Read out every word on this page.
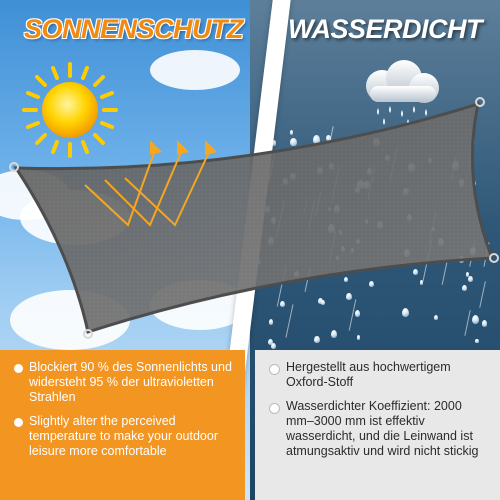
SONNENSCHUTZ WASSERDICHT
Blockiert 90 % des Sonnenlichts und widersteht 95 % der ultravioletten Strahlen
Slightly alter the perceived temperature to make your outdoor leisure more comfortable
Hergestellt aus hochwertigem Oxford-Stoff
Wasserdichter Koeffizient: 2000 mm–3000 mm ist effektiv wasserdicht, und die Leinwand ist atmungsaktiv und wird nicht stickig
